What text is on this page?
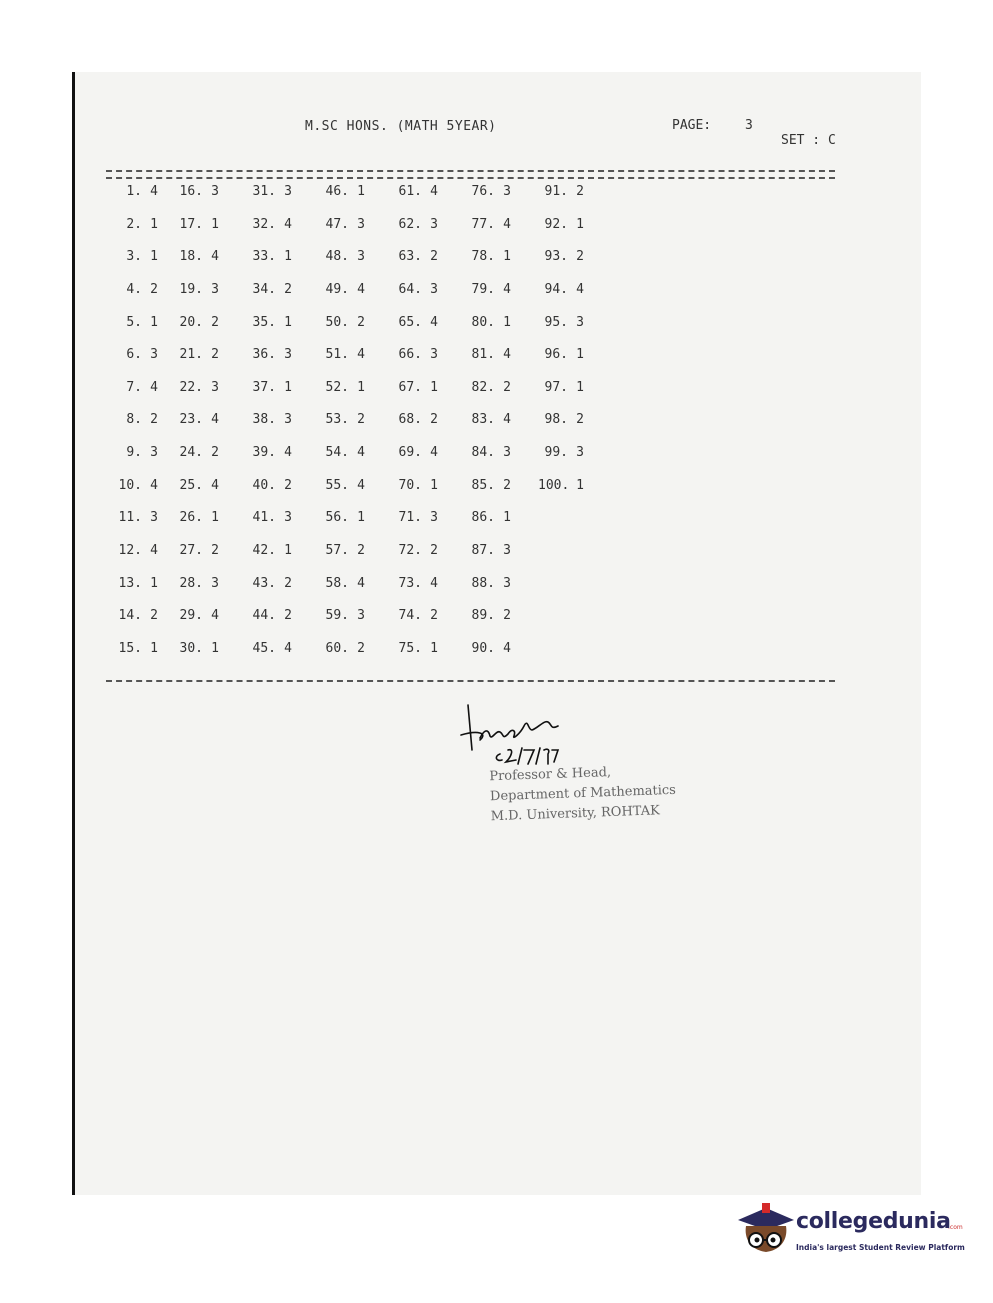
M.SC HONS. (MATH 5YEAR)	PAGE:	3
SET : C
1. 4	16. 3	31. 3	46. 1	61. 4	76. 3	91. 2
2. 1	17. 1	32. 4	47. 3	62. 3	77. 4	92. 1
3. 1	18. 4	33. 1	48. 3	63. 2	78. 1	93. 2
4. 2	19. 3	34. 2	49. 4	64. 3	79. 4	94. 4
5. 1	20. 2	35. 1	50. 2	65. 4	80. 1	95. 3
6. 3	21. 2	36. 3	51. 4	66. 3	81. 4	96. 1
7. 4	22. 3	37. 1	52. 1	67. 1	82. 2	97. 1
8. 2	23. 4	38. 3	53. 2	68. 2	83. 4	98. 2
9. 3	24. 2	39. 4	54. 4	69. 4	84. 3	99. 3
10. 4	25. 4	40. 2	55. 4	70. 1	85. 2	100. 1
11. 3	26. 1	41. 3	56. 1	71. 3	86. 1
12. 4	27. 2	42. 1	57. 2	72. 2	87. 3
13. 1	28. 3	43. 2	58. 4	73. 4	88. 3
14. 2	29. 4	44. 2	59. 3	74. 2	89. 2
15. 1	30. 1	45. 4	60. 2	75. 1	90. 4
Professor & Head,
Department of Mathematics
M.D. University, ROHTAK
collegedunia
.com
India's largest Student Review Platform
